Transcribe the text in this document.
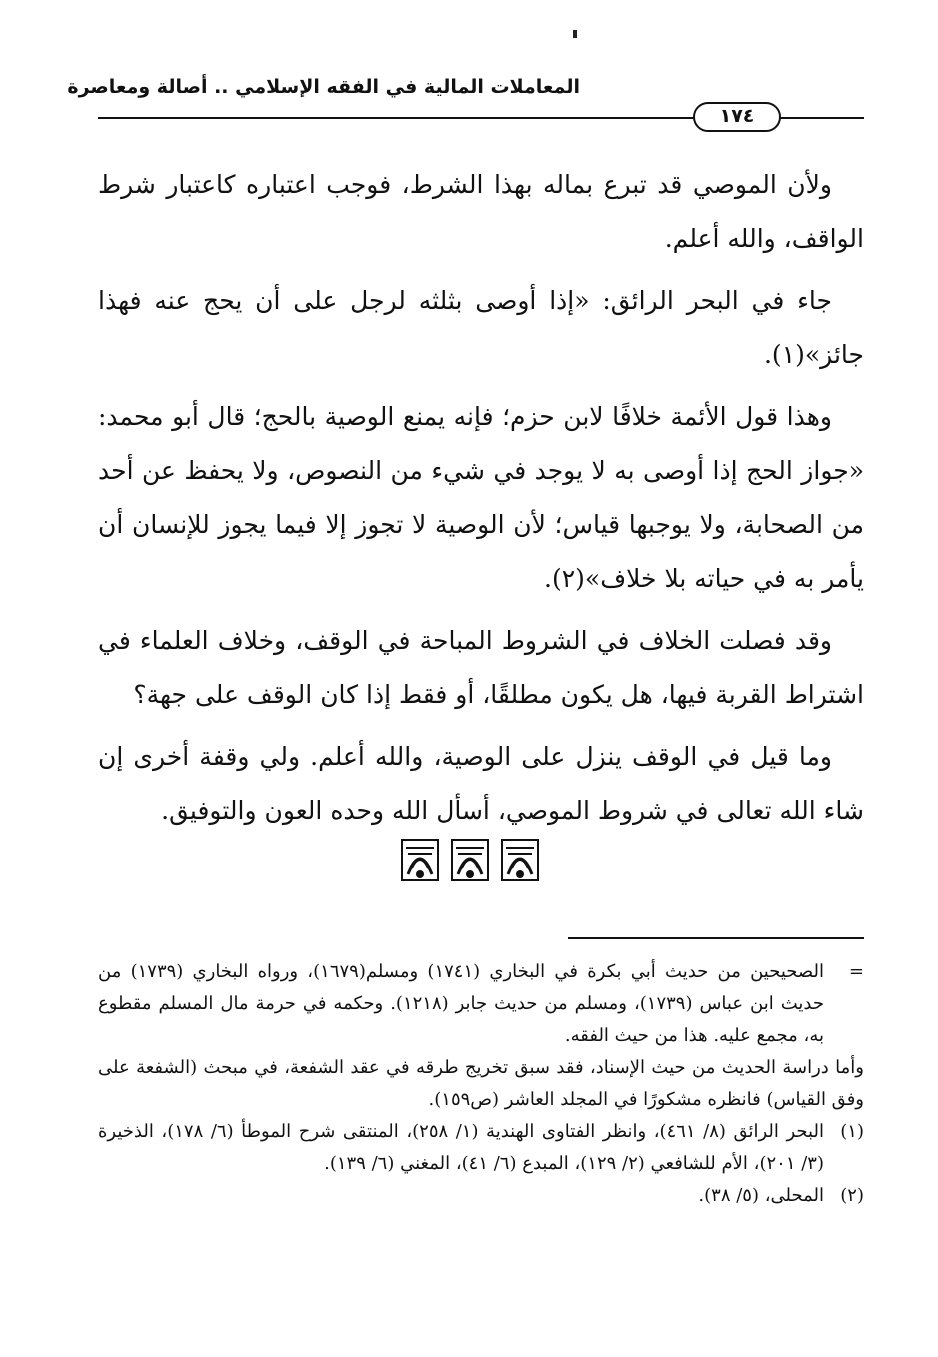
المعاملات المالية في الفقه الإسلامي .. أصالة ومعاصرة
١٧٤

ولأن الموصي قد تبرع بماله بهذا الشرط، فوجب اعتباره كاعتبار شرط الواقف، والله أعلم.

جاء في البحر الرائق: «إذا أوصى بثلثه لرجل على أن يحج عنه فهذا جائز»(١).

وهذا قول الأئمة خلافًا لابن حزم؛ فإنه يمنع الوصية بالحج؛ قال أبو محمد: «جواز الحج إذا أوصى به لا يوجد في شيء من النصوص، ولا يحفظ عن أحد من الصحابة، ولا يوجبها قياس؛ لأن الوصية لا تجوز إلا فيما يجوز للإنسان أن يأمر به في حياته بلا خلاف»(٢).

وقد فصلت الخلاف في الشروط المباحة في الوقف، وخلاف العلماء في اشتراط القربة فيها، هل يكون مطلقًا، أو فقط إذا كان الوقف على جهة؟

وما قيل في الوقف ينزل على الوصية، والله أعلم. ولي وقفة أخرى إن شاء الله تعالى في شروط الموصي، أسأل الله وحده العون والتوفيق.

=
الصحيحين من حديث أبي بكرة في البخاري (١٧٤١) ومسلم(١٦٧٩)، ورواه البخاري (١٧٣٩) من حديث ابن عباس (١٧٣٩)، ومسلم من حديث جابر (١٢١٨). وحكمه في حرمة مال المسلم مقطوع به، مجمع عليه. هذا من حيث الفقه.

وأما دراسة الحديث من حيث الإسناد، فقد سبق تخريج طرقه في عقد الشفعة، في مبحث (الشفعة على وفق القياس) فانظره مشكورًا في المجلد العاشر (ص١٥٩).

(١)
البحر الرائق (٨/ ٤٦١)، وانظر الفتاوى الهندية (١/ ٢٥٨)، المنتقى شرح الموطأ (٦/ ١٧٨)، الذخيرة (٣/ ٢٠١)، الأم للشافعي (٢/ ١٢٩)، المبدع (٦/ ٤١)، المغني (٦/ ١٣٩).

(٢)
المحلى، (٥/ ٣٨).
